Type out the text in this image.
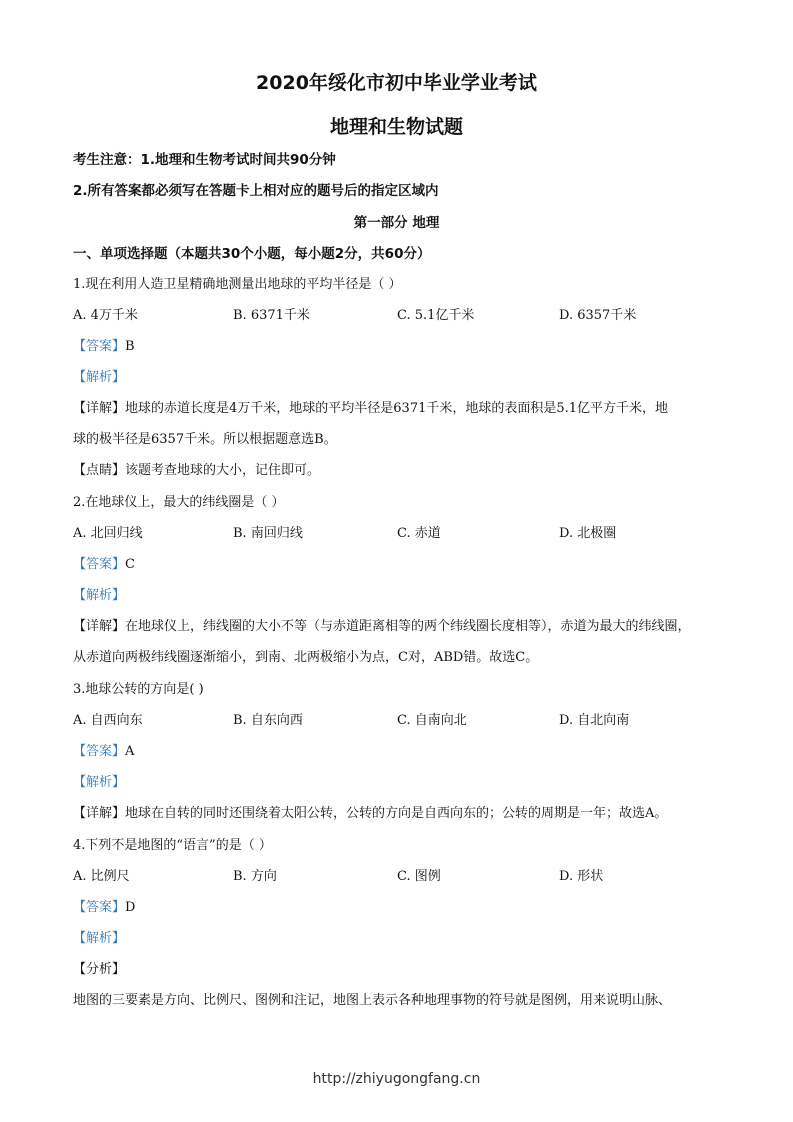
2020年绥化市初中毕业学业考试
地理和生物试题
考生注意：1.地理和生物考试时间共90分钟
2.所有答案都必须写在答题卡上相对应的题号后的指定区域内
第一部分 地理
一、单项选择题（本题共30个小题，每小题2分，共60分）
1.现在利用人造卫星精确地测量出地球的平均半径是（ ）
A. 4万千米	B. 6371千米	C. 5.1亿千米	D. 6357千米
【答案】B
【解析】
【详解】地球的赤道长度是4万千米，地球的平均半径是6371千米，地球的表面积是5.1亿平方千米，地
球的极半径是6357千米。所以根据题意选B。
【点睛】该题考查地球的大小，记住即可。
2.在地球仪上，最大的纬线圈是（ ）
A. 北回归线	B. 南回归线	C. 赤道	D. 北极圈
【答案】C
【解析】
【详解】在地球仪上，纬线圈的大小不等（与赤道距离相等的两个纬线圈长度相等），赤道为最大的纬线圈，
从赤道向两极纬线圈逐渐缩小，到南、北两极缩小为点，C对，ABD错。故选C。
3.地球公转的方向是( )
A. 自西向东	B. 自东向西	C. 自南向北	D. 自北向南
【答案】A
【解析】
【详解】地球在自转的同时还围绕着太阳公转，公转的方向是自西向东的；公转的周期是一年；故选A。
4.下列不是地图的“语言”的是（ ）
A. 比例尺	B. 方向	C. 图例	D. 形状
【答案】D
【解析】
【分析】
地图的三要素是方向、比例尺、图例和注记，地图上表示各种地理事物的符号就是图例，用来说明山脉、
http://zhiyugongfang.cn
